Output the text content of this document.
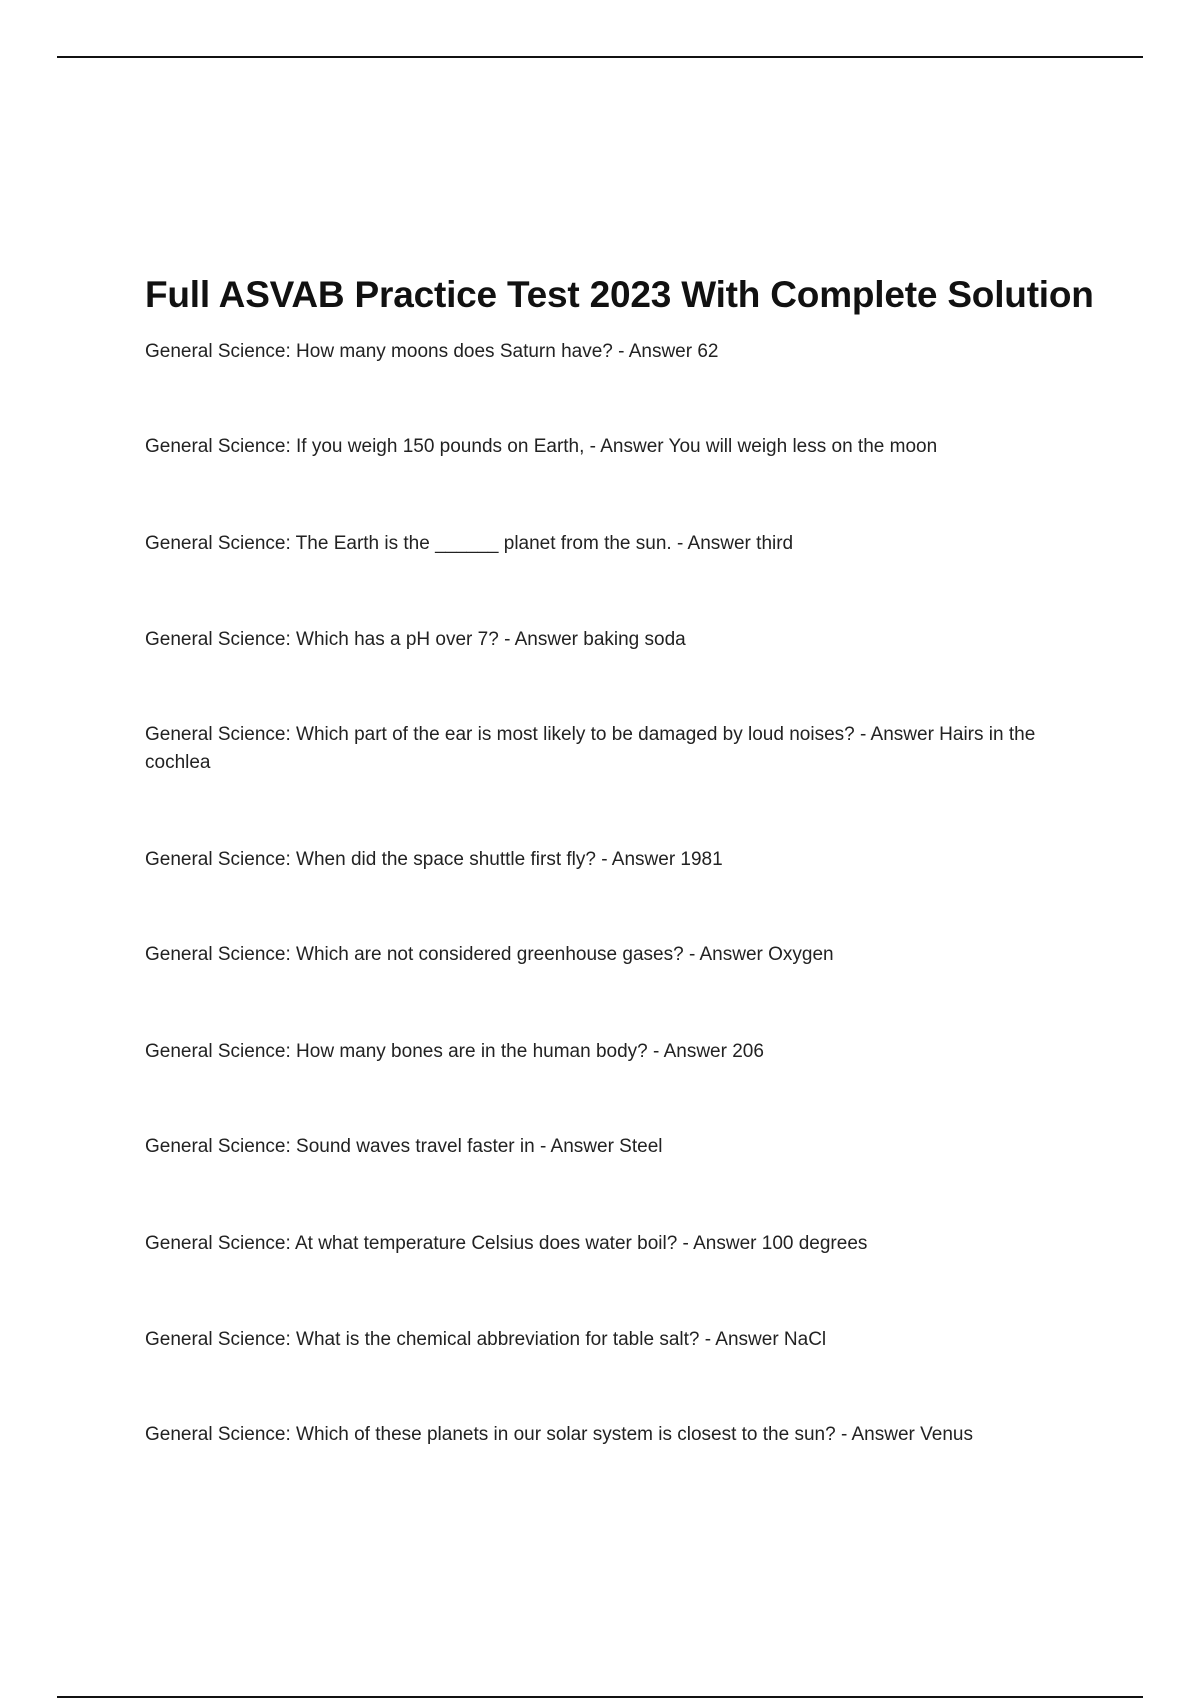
Full ASVAB Practice Test 2023 With Complete Solution

General Science: How many moons does Saturn have? - Answer 62

General Science: If you weigh 150 pounds on Earth, - Answer You will weigh less on the moon

General Science: The Earth is the ______ planet from the sun. - Answer third

General Science: Which has a pH over 7? - Answer baking soda

General Science: Which part of the ear is most likely to be damaged by loud noises? - Answer Hairs in the cochlea

General Science: When did the space shuttle first fly? - Answer 1981

General Science: Which are not considered greenhouse gases? - Answer Oxygen

General Science: How many bones are in the human body? - Answer 206

General Science: Sound waves travel faster in - Answer Steel

General Science: At what temperature Celsius does water boil? - Answer 100 degrees

General Science: What is the chemical abbreviation for table salt? - Answer NaCl

General Science: Which of these planets in our solar system is closest to the sun? - Answer Venus
